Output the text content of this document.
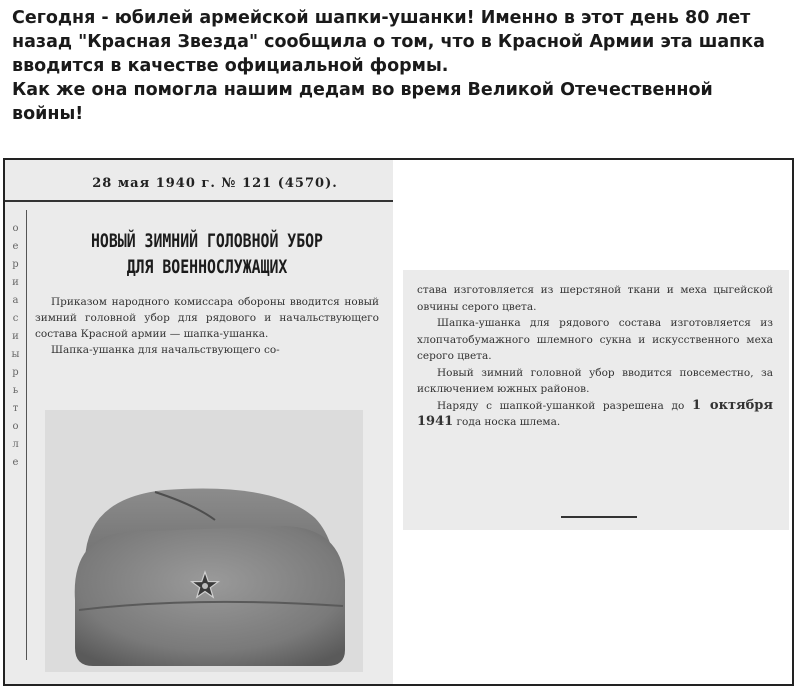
Сегодня - юбилей армейской шапки-ушанки! Именно в этот день 80 лет назад "Красная Звезда" сообщила о том, что в Красной Армии эта шапка вводится в качестве официальной формы.

Как же она помогла нашим дедам во время Великой Отечественной войны!

о
е
р
и
а
с
и
ы
р
ь
т
о
л
е
28 мая 1940 г. № 121 (4570).
НОВЫЙ ЗИМНИЙ ГОЛОВНОЙ УБОР
ДЛЯ ВОЕННОСЛУЖАЩИХ

Приказом народного комиссара обороны вводится новый зимний головной убор для рядового и начальствующего состава Красной армии — шапка-ушанка.

Шапка-ушанка для начальствующего со-

става изготовляется из шерстяной ткани и меха цыгейской овчины серого цвета.

Шапка-ушанка для рядового состава изготовляется из хлопчатобумажного шлемного сукна и искусственного меха серого цвета.

Новый зимний головной убор вводится повсеместно, за исключением южных районов.

Наряду с шапкой-ушанкой разрешена до 1 октября 1941 года носка шлема.
